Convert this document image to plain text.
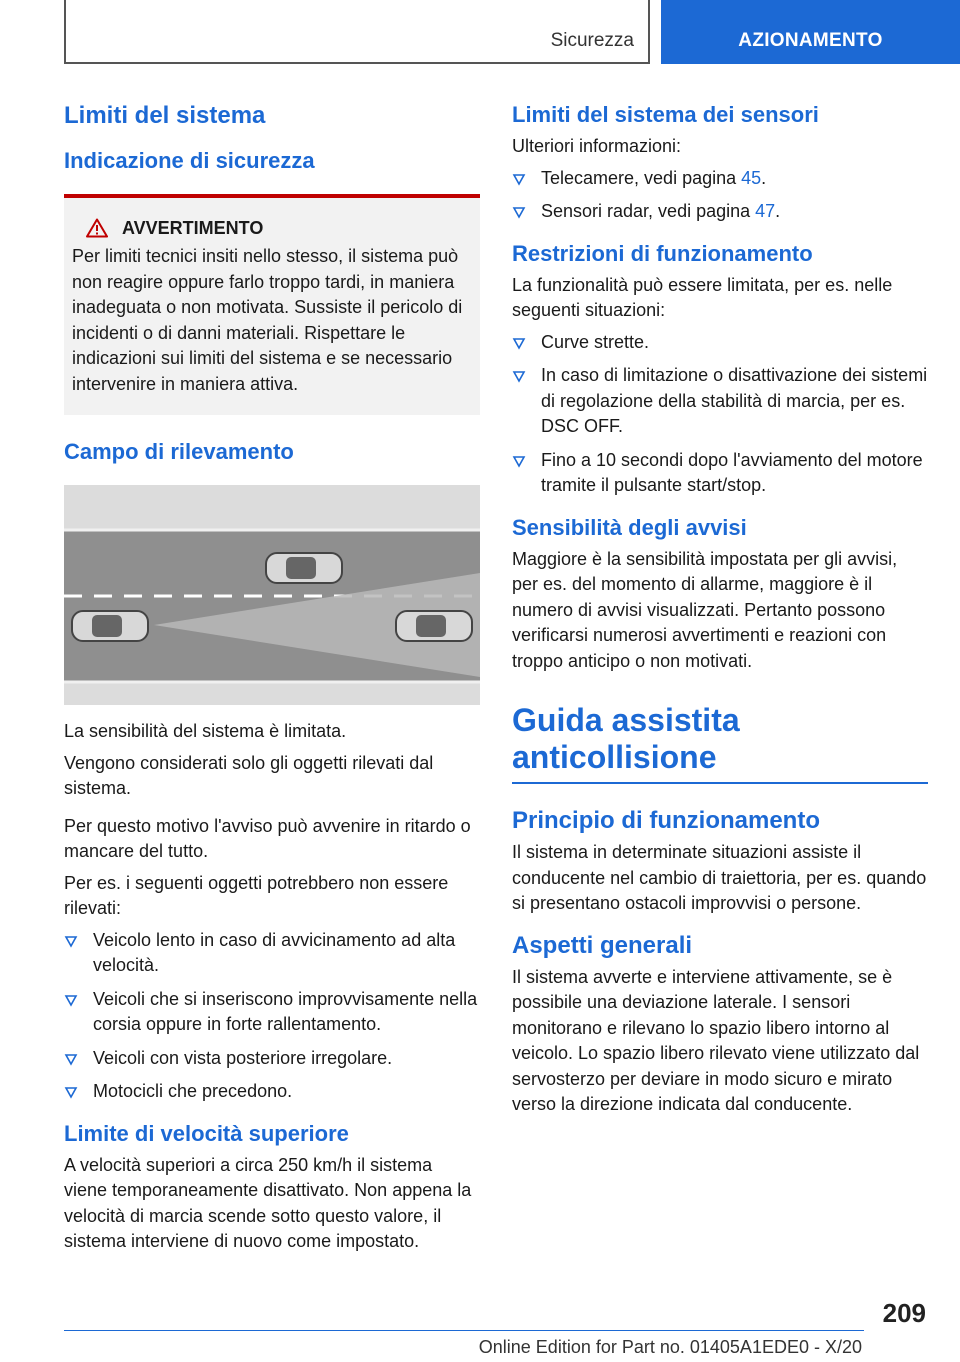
Sicurezza	AZIONAMENTO
Limiti del sistema
Indicazione di sicurezza
AVVERTIMENTO

Per limiti tecnici insiti nello stesso, il sistema può non reagire oppure farlo troppo tardi, in maniera inadeguata o non motivata. Sussiste il pericolo di incidenti o di danni materiali. Rispettare le indicazioni sui limiti del sistema e se necessario intervenire in maniera attiva.

Campo di rilevamento

La sensibilità del sistema è limitata.

Vengono considerati solo gli oggetti rilevati dal sistema.

Per questo motivo l'avviso può avvenire in ritardo o mancare del tutto.

Per es. i seguenti oggetti potrebbero non essere rilevati:

Veicolo lento in caso di avvicinamento ad alta velocità.
Veicoli che si inseriscono improvvisamente nella corsia oppure in forte rallentamento.
Veicoli con vista posteriore irregolare.
Motocicli che precedono.
Limite di velocità superiore

A velocità superiori a circa 250 km/h il sistema viene temporaneamente disattivato. Non appena la velocità di marcia scende sotto questo valore, il sistema interviene di nuovo come impostato.

Limiti del sistema dei sensori

Ulteriori informazioni:

Telecamere, vedi pagina 45.
Sensori radar, vedi pagina 47.
Restrizioni di funzionamento

La funzionalità può essere limitata, per es. nelle seguenti situazioni:

Curve strette.
In caso di limitazione o disattivazione dei sistemi di regolazione della stabilità di marcia, per es. DSC OFF.
Fino a 10 secondi dopo l'avviamento del motore tramite il pulsante start/stop.
Sensibilità degli avvisi

Maggiore è la sensibilità impostata per gli avvisi, per es. del momento di allarme, maggiore è il numero di avvisi visualizzati. Pertanto possono verificarsi numerosi avvertimenti e reazioni con troppo anticipo o non motivati.

Guida assistita anticollisione
Principio di funzionamento

Il sistema in determinate situazioni assiste il conducente nel cambio di traiettoria, per es. quando si presentano ostacoli improvvisi o persone.

Aspetti generali

Il sistema avverte e interviene attivamente, se è possibile una deviazione laterale. I sensori monitorano e rilevano lo spazio libero intorno al veicolo. Lo spazio libero rilevato viene utilizzato dal servosterzo per deviare in modo sicuro e mirato verso la direzione indicata dal conducente.

209
Online Edition for Part no. 01405A1EDE0 - X/20
